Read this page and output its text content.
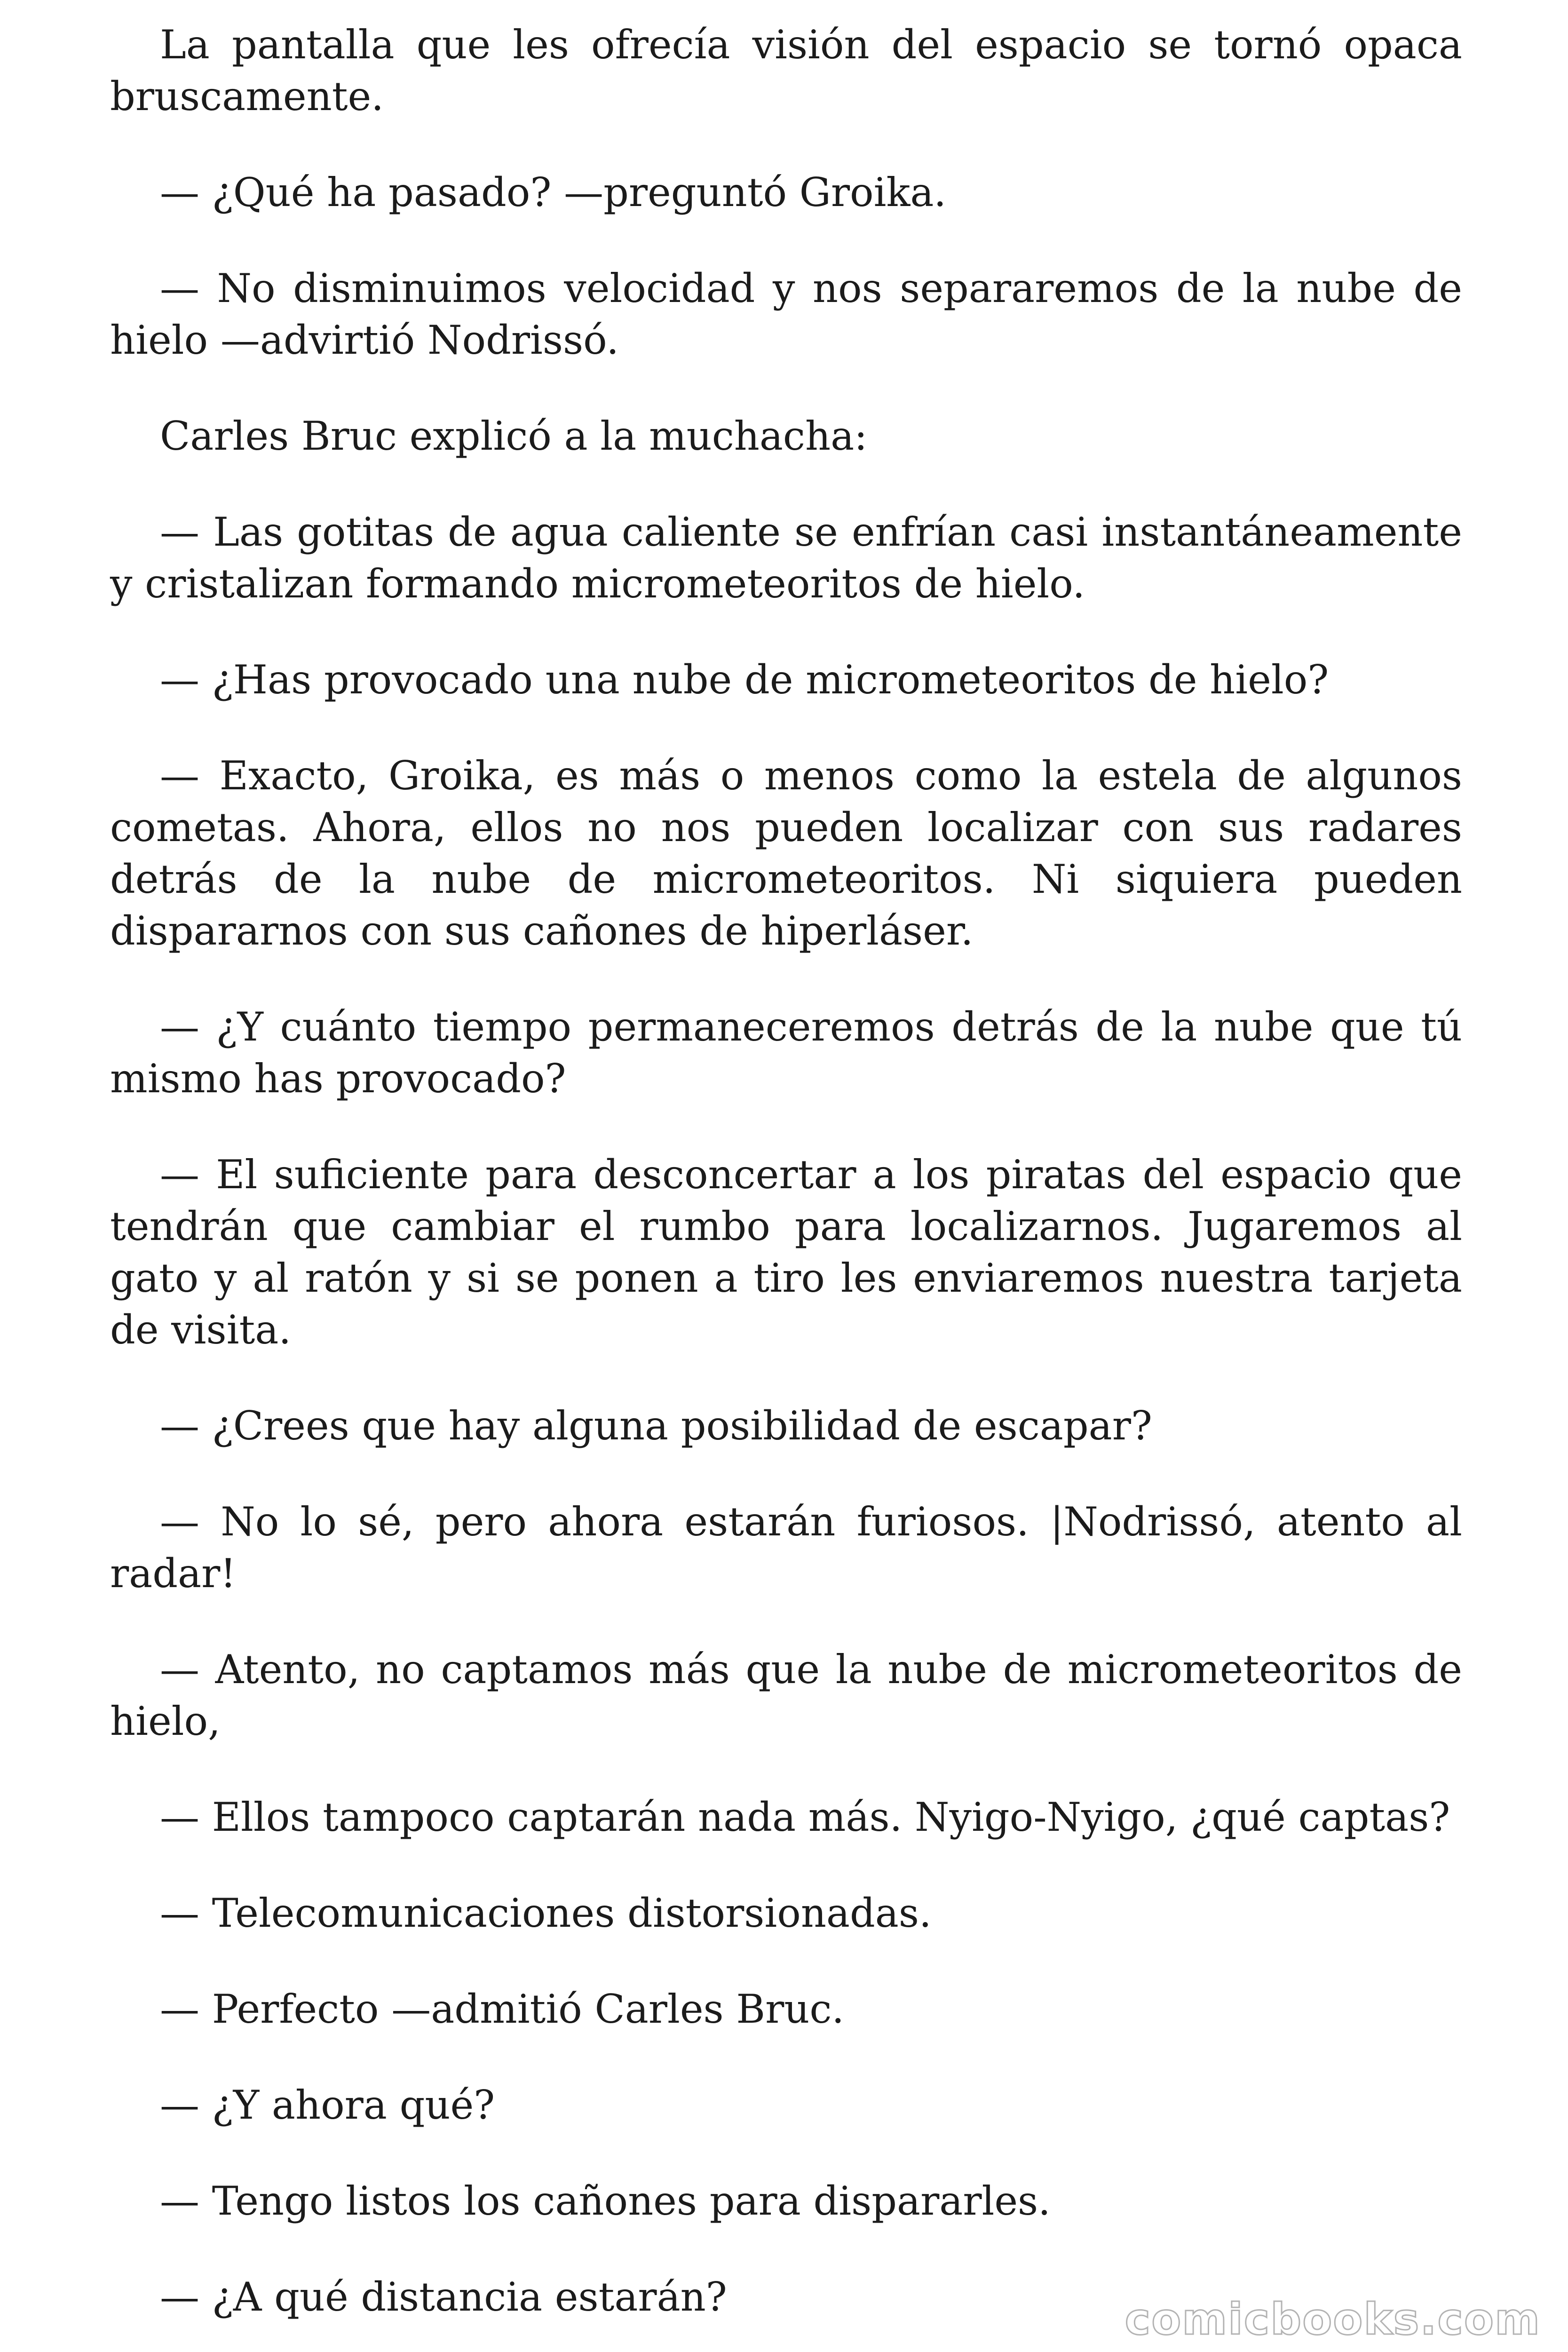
La pantalla que les ofrecía visión del espacio se tornó opaca bruscamente.

— ¿Qué ha pasado? —preguntó Groika.

— No disminuimos velocidad y nos separaremos de la nube de hielo —advirtió Nodrissó.

Carles Bruc explicó a la muchacha:

— Las gotitas de agua caliente se enfrían casi instantáneamente y cristalizan formando micrometeoritos de hielo.

— ¿Has provocado una nube de micrometeoritos de hielo?

— Exacto, Groika, es más o menos como la estela de algunos cometas. Ahora, ellos no nos pueden localizar con sus radares detrás de la nube de micrometeoritos. Ni siquiera pueden dispararnos con sus cañones de hiperláser.

— ¿Y cuánto tiempo permaneceremos detrás de la nube que tú mismo has provocado?

— El suficiente para desconcertar a los piratas del espacio que tendrán que cambiar el rumbo para localizarnos. Jugaremos al gato y al ratón y si se ponen a tiro les enviaremos nuestra tarjeta de visita.

— ¿Crees que hay alguna posibilidad de escapar?

— No lo sé, pero ahora estarán furiosos. |Nodrissó, atento al radar!

— Atento, no captamos más que la nube de micrometeoritos de hielo,

— Ellos tampoco captarán nada más. Nyigo-Nyigo, ¿qué captas?

— Telecomunicaciones distorsionadas.

— Perfecto —admitió Carles Bruc.

— ¿Y ahora qué?

— Tengo listos los cañones para dispararles.

— ¿A qué distancia estarán?	comicbooks.com
